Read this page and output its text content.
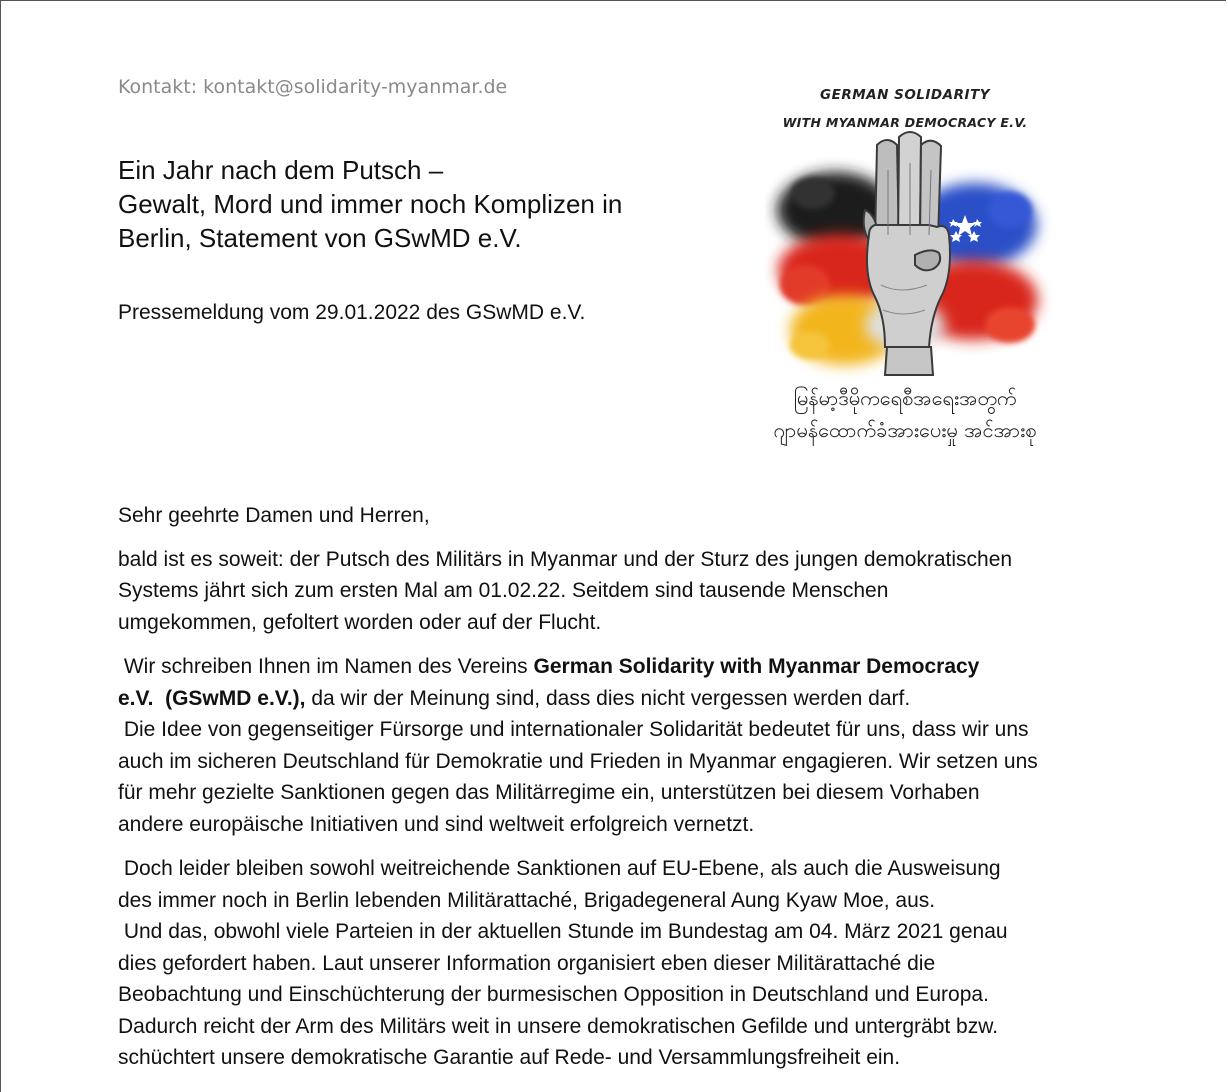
Kontakt: kontakt@solidarity-myanmar.de
Ein Jahr nach dem Putsch –
Gewalt, Mord und immer noch Komplizen in
Berlin, Statement von GSwMD e.V.
Pressemeldung vom 29.01.2022 des GSwMD e.V.
GERMAN SOLIDARITY
WITH MYANMAR DEMOCRACY E.V.
မြန်မာ့ဒီမိုကရေစီအရေးအတွက်
ဂျာမန်ထောက်ခံအားပေးမှု အင်အားစု

Sehr geehrte Damen und Herren,

bald ist es soweit: der Putsch des Militärs in Myanmar und der Sturz des jungen demokratischen
Systems jährt sich zum ersten Mal am 01.02.22. Seitdem sind tausende Menschen
umgekommen, gefoltert worden oder auf der Flucht.

Wir schreiben Ihnen im Namen des Vereins German Solidarity with Myanmar Democracy
e.V.  (GSwMD e.V.), da wir der Meinung sind, dass dies nicht vergessen werden darf.
Die Idee von gegenseitiger Fürsorge und internationaler Solidarität bedeutet für uns, dass wir uns
auch im sicheren Deutschland für Demokratie und Frieden in Myanmar engagieren. Wir setzen uns
für mehr gezielte Sanktionen gegen das Militärregime ein, unterstützen bei diesem Vorhaben
andere europäische Initiativen und sind weltweit erfolgreich vernetzt.

Doch leider bleiben sowohl weitreichende Sanktionen auf EU-Ebene, als auch die Ausweisung
des immer noch in Berlin lebenden Militärattaché, Brigadegeneral Aung Kyaw Moe, aus.
Und das, obwohl viele Parteien in der aktuellen Stunde im Bundestag am 04. März 2021 genau
dies gefordert haben. Laut unserer Information organisiert eben dieser Militärattaché die
Beobachtung und Einschüchterung der burmesischen Opposition in Deutschland und Europa.
Dadurch reicht der Arm des Militärs weit in unsere demokratischen Gefilde und untergräbt bzw.
schüchtert unsere demokratische Garantie auf Rede- und Versammlungsfreiheit ein.
